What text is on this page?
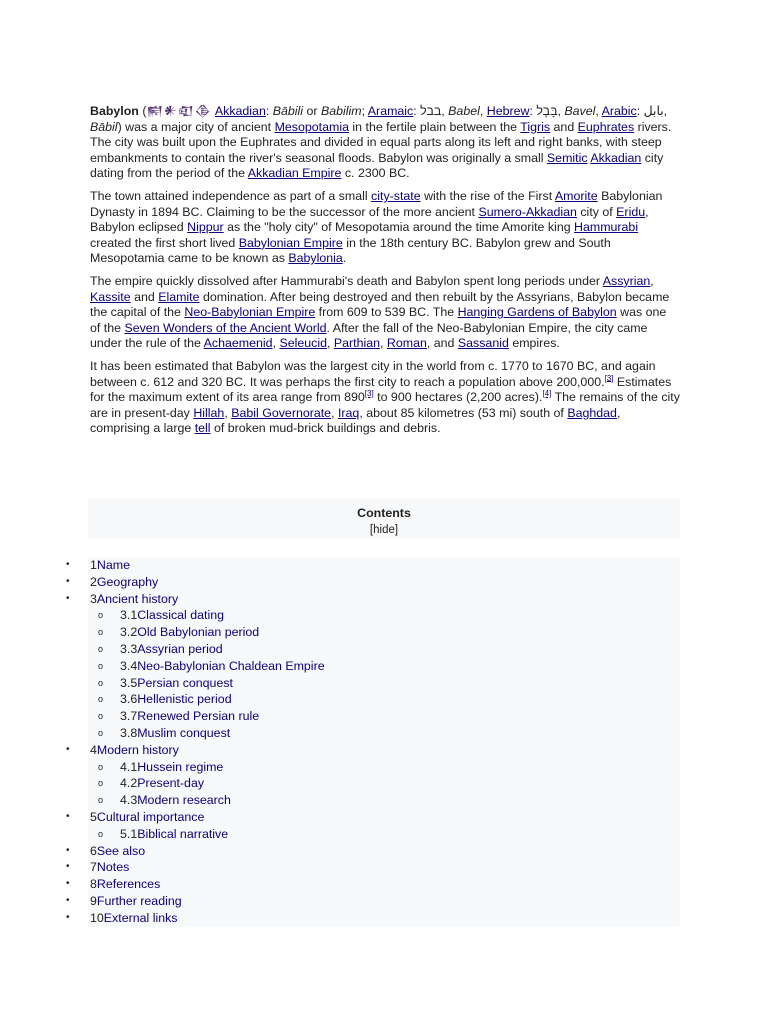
Babylon (𒆍𒀭𒊏𒆠 Akkadian: Bābili or Babilim; Aramaic: ‏בבל‎, Babel, Hebrew: ‏בָּבֶל‎, Bavel, Arabic: ‏بابل‎, Bābil) was a major city of ancient Mesopotamia in the fertile plain between the Tigris and Euphrates rivers. The city was built upon the Euphrates and divided in equal parts along its left and right banks, with steep embankments to contain the river's seasonal floods. Babylon was originally a small Semitic Akkadian city dating from the period of the Akkadian Empire c. 2300 BC.

The town attained independence as part of a small city-state with the rise of the First Amorite Babylonian Dynasty in 1894 BC. Claiming to be the successor of the more ancient Sumero-Akkadian city of Eridu, Babylon eclipsed Nippur as the "holy city" of Mesopotamia around the time Amorite king Hammurabi created the first short lived Babylonian Empire in the 18th century BC. Babylon grew and South Mesopotamia came to be known as Babylonia.

The empire quickly dissolved after Hammurabi's death and Babylon spent long periods under Assyrian, Kassite and Elamite domination. After being destroyed and then rebuilt by the Assyrians, Babylon became the capital of the Neo-Babylonian Empire from 609 to 539 BC. The Hanging Gardens of Babylon was one of the Seven Wonders of the Ancient World. After the fall of the Neo-Babylonian Empire, the city came under the rule of the Achaemenid, Seleucid, Parthian, Roman, and Sassanid empires.

It has been estimated that Babylon was the largest city in the world from c. 1770 to 1670 BC, and again between c. 612 and 320 BC. It was perhaps the first city to reach a population above 200,000.[3] Estimates for the maximum extent of its area range from 890[3] to 900 hectares (2,200 acres).[4] The remains of the city are in present-day Hillah, Babil Governorate, Iraq, about 85 kilometres (53 mi) south of Baghdad, comprising a large tell of broken mud-brick buildings and debris.

Contents
[hide]
• 1Name
• 2Geography
• 3Ancient history
o 3.1Classical dating
o 3.2Old Babylonian period
o 3.3Assyrian period
o 3.4Neo-Babylonian Chaldean Empire
o 3.5Persian conquest
o 3.6Hellenistic period
o 3.7Renewed Persian rule
o 3.8Muslim conquest
• 4Modern history
o 4.1Hussein regime
o 4.2Present-day
o 4.3Modern research
• 5Cultural importance
o 5.1Biblical narrative
• 6See also
• 7Notes
• 8References
• 9Further reading
• 10External links
